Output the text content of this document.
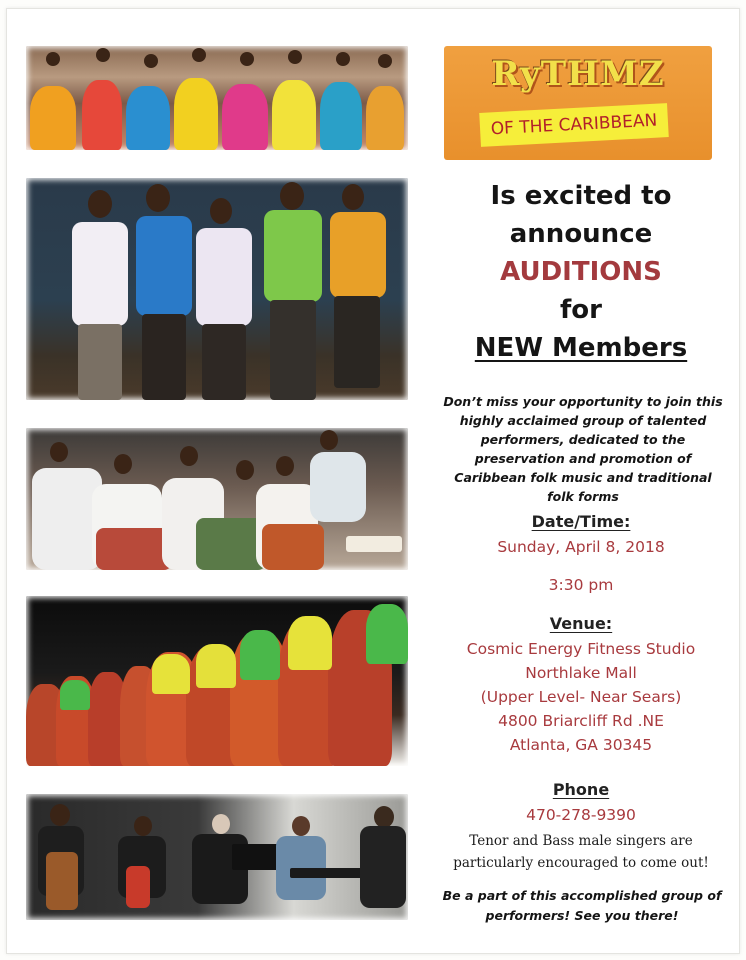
RyTHMZ
OF THE CARIBBEAN
Is excited to
announce
AUDITIONS
for
NEW Members
Don’t miss your opportunity to join this highly acclaimed group of talented performers, dedicated to the preservation and promotion of Caribbean folk music and traditional folk forms
Date/Time:
Sunday, April 8, 2018
3:30 pm
Venue:
Cosmic Energy Fitness Studio
Northlake Mall
(Upper Level- Near Sears)
4800 Briarcliff Rd .NE
Atlanta, GA 30345
Phone
470-278-9390
Tenor and Bass male singers are particularly encouraged to come out!
Be a part of this accomplished group of performers! See you there!
